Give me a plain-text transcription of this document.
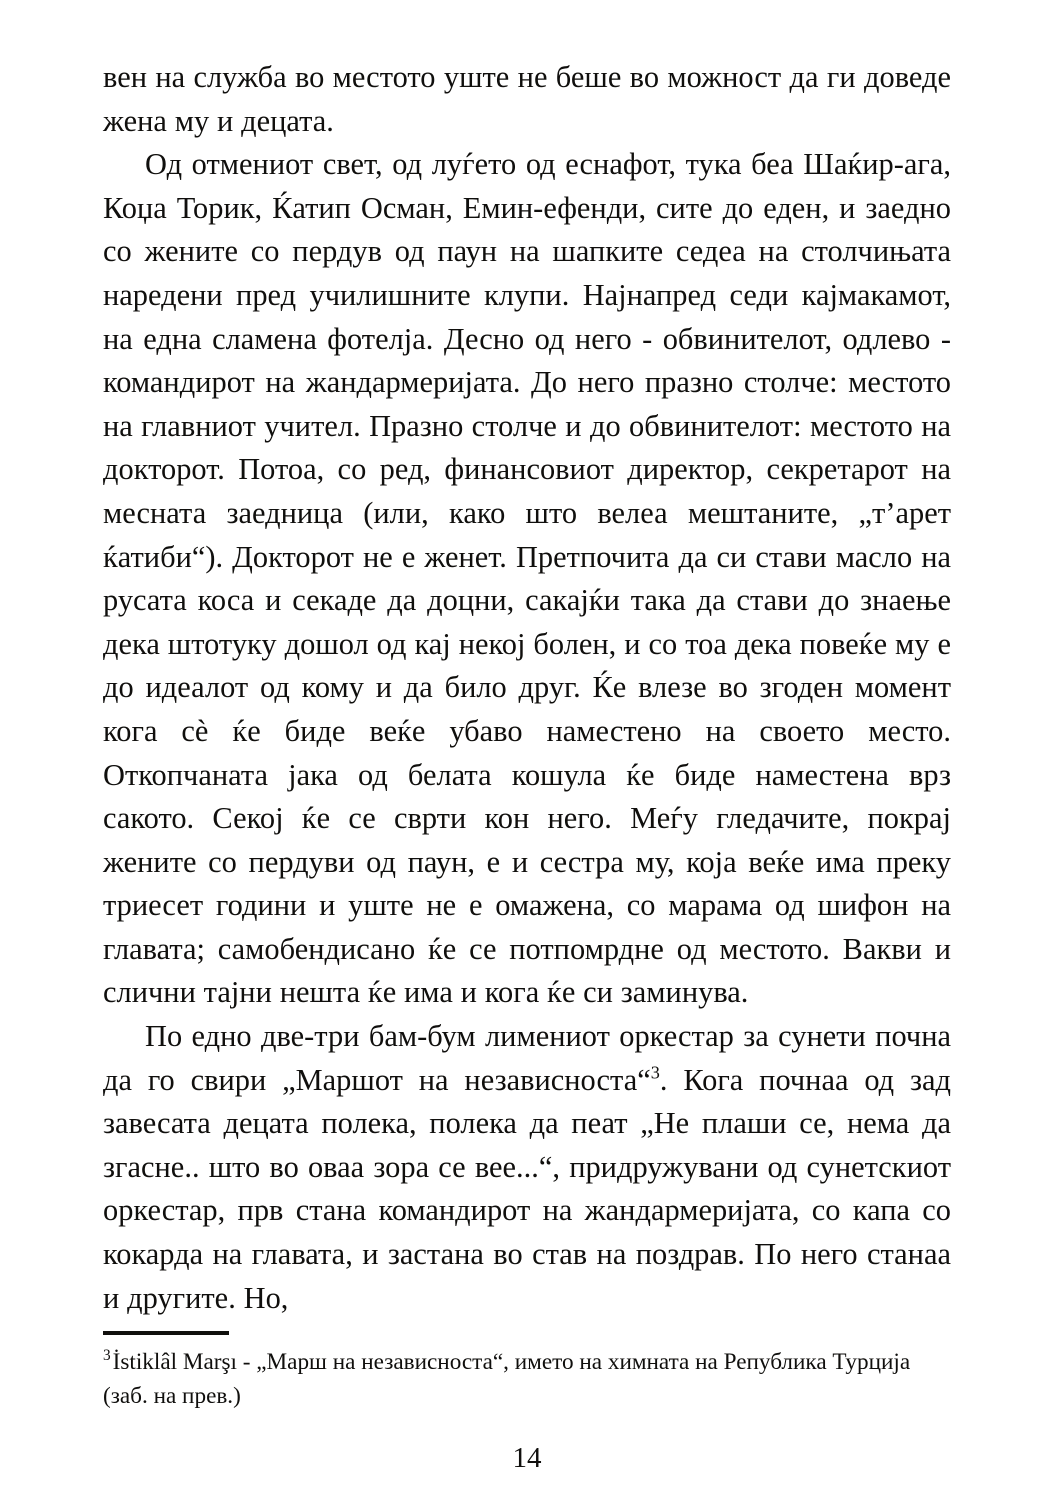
вен на служба во местото уште не беше во можност да ги доведе жена му и децата.

Од отмениот свет, од луѓето од еснафот, тука беа Шаќир-ага, Коџа Торик, Ќатип Осман, Емин-ефенди, сите до еден, и заедно со жените со пердув од паун на шапките седеа на столчињата наредени пред училишните клупи. Најнапред седи кајмакамот, на една сламена фотелја. Десно од него - обвинителот, одлево - командирот на жандармеријата. До него празно столче: местото на главниот учител. Празно столче и до обвинителот: местото на докторот. Потоа, со ред, финансовиот директор, секретарот на месната заедница (или, како што велеа мештаните, „т’арет ќатиби“). Докторот не е женет. Претпочита да си стави масло на русата коса и секаде да доцни, сакајќи така да стави до знаење дека штотуку дошол од кај некој болен, и со тоа дека повеќе му е до идеалот од кому и да било друг. Ќе влезе во згоден момент кога сѐ ќе биде веќе убаво наместено на своето место. Откопчаната јака од белата кошула ќе биде наместена врз сакото. Секој ќе се сврти кон него. Меѓу гледачите, покрај жените со пердуви од паун, е и сестра му, која веќе има преку триесет години и уште не е омажена, со марама од шифон на главата; самобендисано ќе се потпомрдне од местото. Вакви и слични тајни нешта ќе има и кога ќе си заминува.

По едно две-три бам-бум лимениот оркестар за сунети почна да го свири „Маршот на независноста“$^3$. Кога почнаа од зад завесата децата полека, полека да пеат „Не плаши се, нема да згасне.. што во оваа зора се вее...“, придружувани од сунетскиот оркестар, прв стана командирот на жандармеријата, со капа со кокарда на главата, и застана во став на поздрав. По него станаа и другите. Но,

$^3$İstiklâl Marşı - „Марш на независноста“, името на химната на Република Турција (заб. на прев.)

14
